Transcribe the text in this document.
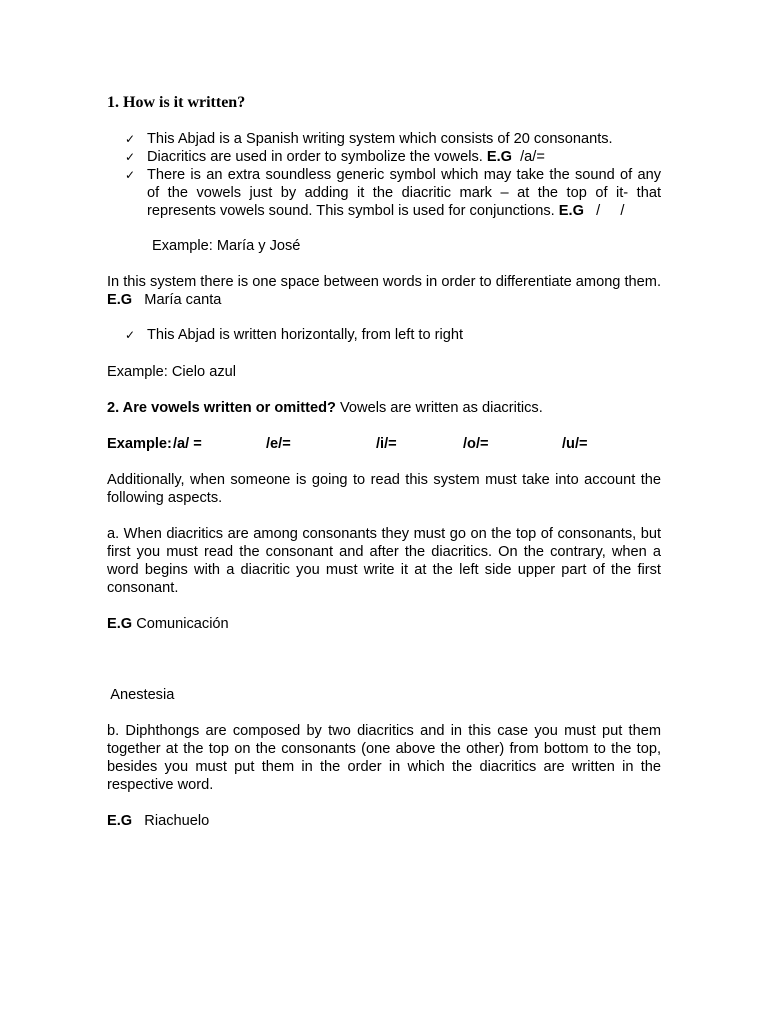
1. How is it written?
✓ This Abjad is a Spanish writing system which consists of 20 consonants.
✓ Diacritics are used in order to symbolize the vowels. E.G  /a/=
✓ There is an extra soundless generic symbol which may take the sound of any of the vowels just by adding it the diacritic mark – at the top of it- that represents vowels sound. This symbol is used for conjunctions. E.G   /     /

Example: María y José

In this system there is one space between words in order to differentiate among them. E.G   María canta

✓ This Abjad is written horizontally, from left to right

Example: Cielo azul

2. Are vowels written or omitted? Vowels are written as diacritics.

Example: /a/ =	/e/=	/i/=	/o/=	/u/=

Additionally, when someone is going to read this system must take into account the following aspects.

a. When diacritics are among consonants they must go on the top of consonants, but first you must read the consonant and after the diacritics. On the contrary, when a word begins with a diacritic you must write it at the left side upper part of the first consonant.

E.G Comunicación

Anestesia

b. Diphthongs are composed by two diacritics and in this case you must put them together at the top on the consonants (one above the other) from bottom to the top, besides you must put them in the order in which the diacritics are written in the respective word.

E.G   Riachuelo
